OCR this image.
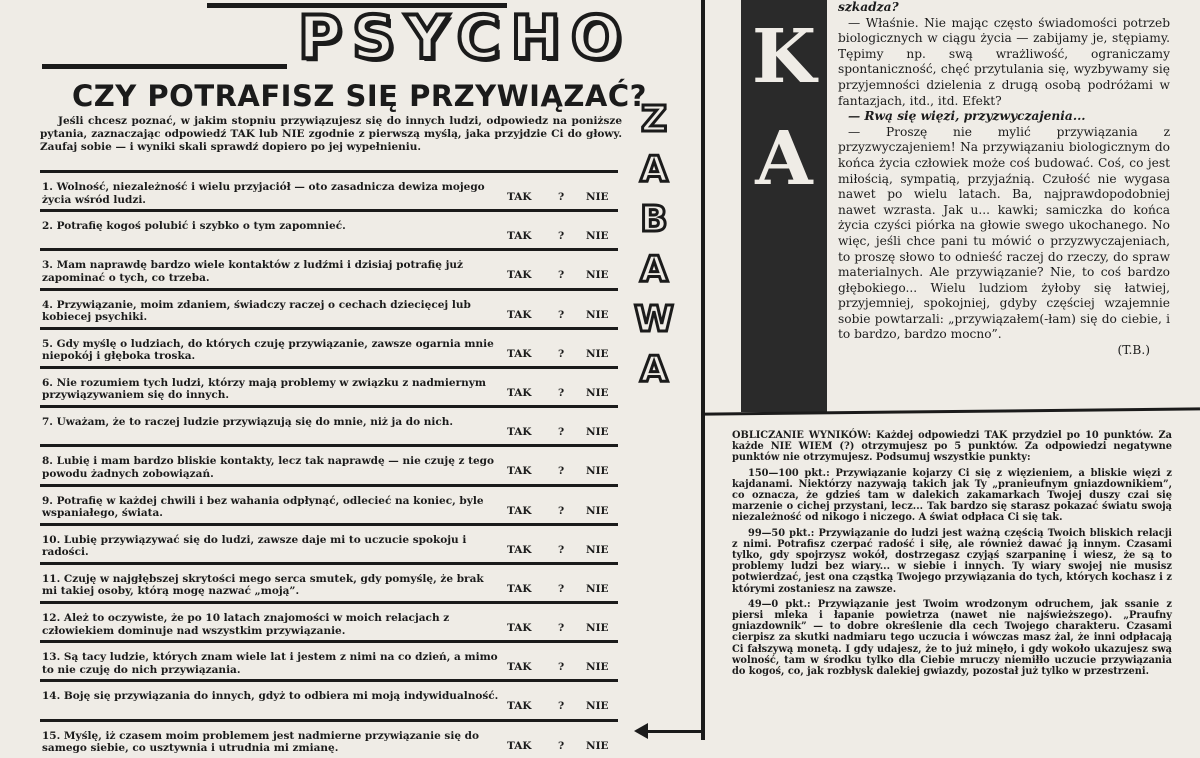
PSYCHO
CZY POTRAFISZ SIĘ PRZYWIĄZAĆ?
Jeśli chcesz poznać, w jakim stopniu przywiązujesz się do innych ludzi, odpowiedz na poniższe pytania, zaznaczając odpowiedź TAK lub NIE zgodnie z pierwszą myślą, jaka przyjdzie Ci do głowy. Zaufaj sobie — i wyniki skali sprawdź dopiero po jej wypełnieniu.
1. Wolność, niezależność i wielu przyjaciół — oto zasadnicza dewiza mojego życia wśród ludzi.	TAK	? NIE
2. Potrafię kogoś polubić i szybko o tym zapomnieć.
TAK	? NIE
3. Mam naprawdę bardzo wiele kontaktów z ludźmi i dzisiaj potrafię już zapominać o tych, co trzeba.	TAK	? NIE
4. Przywiązanie, moim zdaniem, świadczy raczej o cechach dziecięcej lub kobiecej psychiki.	TAK	? NIE
5. Gdy myślę o ludziach, do których czuję przywiązanie, zawsze ogarnia mnie niepokój i głęboka troska.	TAK	? NIE
6. Nie rozumiem tych ludzi, którzy mają problemy w związku z nadmiernym przywiązywaniem się do innych.	TAK	? NIE
7. Uważam, że to raczej ludzie przywiązują się do mnie, niż ja do nich.
TAK	? NIE
8. Lubię i mam bardzo bliskie kontakty, lecz tak naprawdę — nie czuję z tego powodu żadnych zobowiązań.	TAK	? NIE
9. Potrafię w każdej chwili i bez wahania odpłynąć, odlecieć na koniec, byle wspaniałego, świata.	TAK	? NIE
10. Lubię przywiązywać się do ludzi, zawsze daje mi to uczucie spokoju i radości.	TAK	? NIE
11. Czuję w najgłębszej skrytości mego serca smutek, gdy pomyślę, że brak mi takiej osoby, którą mogę nazwać „moją”.	TAK	? NIE
12. Ależ to oczywiste, że po 10 latach znajomości w moich relacjach z człowiekiem dominuje nad wszystkim przywiązanie.	TAK	? NIE
13. Są tacy ludzie, których znam wiele lat i jestem z nimi na co dzień, a mimo to nie czuję do nich przywiązania.	TAK	? NIE
14. Boję się przywiązania do innych, gdyż to odbiera mi moją indywidualność.
TAK	? NIE
15. Myślę, iż czasem moim problemem jest nadmierne przywiązanie się do samego siebie, co usztywnia i utrudnia mi zmianę.	TAK	? NIE
Z
A
B
A
W
A
K
A

szkadza?

— Właśnie. Nie mając często świadomości potrzeb biologicznych w ciągu życia — zabijamy je, stępiamy. Tępimy np. swą wrażliwość, ograniczamy spontaniczność, chęć przytulania się, wyzbywamy się przyjemności dzielenia z drugą osobą podróżami w fantazjach, itd., itd. Efekt?

— Rwą się więzi, przyzwyczajenia...

— Proszę nie mylić przywiązania z przyzwyczajeniem! Na przywiązaniu biologicznym do końca życia człowiek może coś budować. Coś, co jest miłością, sympatią, przyjaźnią. Czułość nie wygasa nawet po wielu latach. Ba, najprawdopodobniej nawet wzrasta. Jak u... kawki; samiczka do końca życia czyści piórka na głowie swego ukochanego. No więc, jeśli chce pani tu mówić o przyzwyczajeniach, to proszę słowo to odnieść raczej do rzeczy, do spraw materialnych. Ale przywiązanie? Nie, to coś bardzo głębokiego... Wielu ludziom żyłoby się łatwiej, przyjemniej, spokojniej, gdyby częściej wzajemnie sobie powtarzali: „przywiązałem(-łam) się do ciebie, i to bardzo, bardzo mocno”.

(T.B.)

OBLICZANIE WYNIKÓW: Każdej odpowiedzi TAK przydziel po 10 punktów. Za każde NIE WIEM (?) otrzymujesz po 5 punktów. Za odpowiedzi negatywne punktów nie otrzymujesz. Podsumuj wszystkie punkty:

150—100 pkt.: Przywiązanie kojarzy Ci się z więzieniem, a bliskie więzi z kajdanami. Niektórzy nazywają takich jak Ty „pranieufnym gniazdownikiem”, co oznacza, że gdzieś tam w dalekich zakamarkach Twojej duszy czai się marzenie o cichej przystani, lecz... Tak bardzo się starasz pokazać światu swoją niezależność od nikogo i niczego. A świat odpłaca Ci się tak.

99—50 pkt.: Przywiązanie do ludzi jest ważną częścią Twoich bliskich relacji z nimi. Potrafisz czerpać radość i siłę, ale również dawać ją innym. Czasami tylko, gdy spojrzysz wokół, dostrzegasz czyjąś szarpaninę i wiesz, że są to problemy ludzi bez wiary... w siebie i innych. Ty wiary swojej nie musisz potwierdzać, jest ona cząstką Twojego przywiązania do tych, których kochasz i z którymi zostaniesz na zawsze.

49—0 pkt.: Przywiązanie jest Twoim wrodzonym odruchem, jak ssanie z piersi mleka i łapanie powietrza (nawet nie najświeższego). „Praufny gniazdownik” — to dobre określenie dla cech Twojego charakteru. Czasami cierpisz za skutki nadmiaru tego uczucia i wówczas masz żal, że inni odpłacają Ci fałszywą monetą. I gdy udajesz, że to już minęło, i gdy wokoło ukazujesz swą wolność, tam w środku tylko dla Ciebie mruczy niemiłło uczucie przywiązania do kogoś, co, jak rozbłysk dalekiej gwiazdy, pozostał już tylko w przestrzeni.
